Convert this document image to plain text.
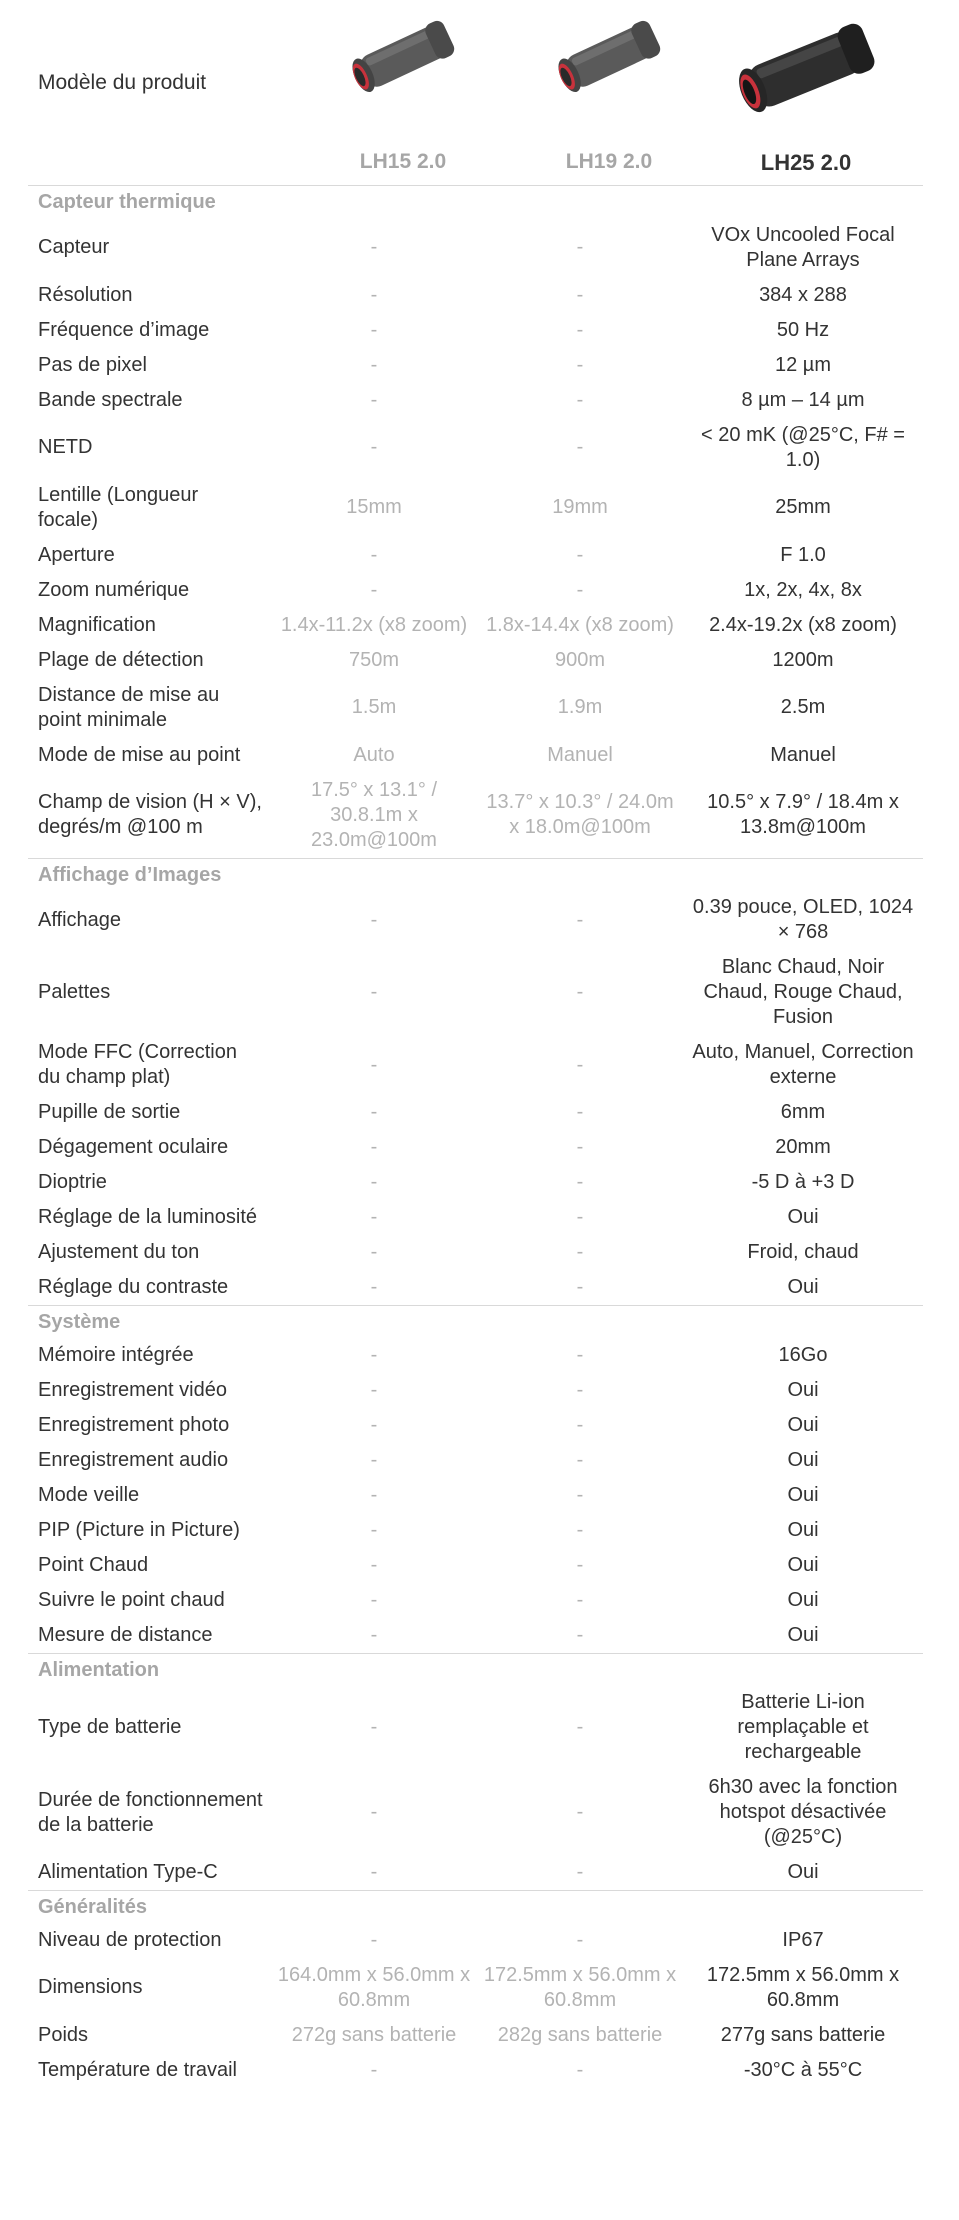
Modèle du produit
LH15 2.0	LH19 2.0	LH25 2.0
Capteur thermique			
Capteur	-	-	VOx Uncooled Focal Plane Arrays
Résolution	-	-	384 x 288
Fréquence d’image	-	-	50 Hz
Pas de pixel	-	-	12 µm
Bande spectrale	-	-	8 µm – 14 µm
NETD	-	-	< 20 mK (@25°C, F# = 1.0)
Lentille (Longueur focale)	15mm	19mm	25mm
Aperture	-	-	F 1.0
Zoom numérique	-	-	1x, 2x, 4x, 8x
Magnification	1.4x-11.2x (x8 zoom)	1.8x-14.4x (x8 zoom)	2.4x-19.2x (x8 zoom)
Plage de détection	750m	900m	1200m
Distance de mise au point minimale	1.5m	1.9m	2.5m
Mode de mise au point	Auto	Manuel	Manuel
Champ de vision (H × V), degrés/m @100 m	17.5° x 13.1° / 30.8.1m x 23.0m@100m	13.7° x 10.3° / 24.0m x 18.0m@100m	10.5° x 7.9° / 18.4m x 13.8m@100m
Affichage d’Images			
Affichage	-	-	0.39 pouce, OLED, 1024 × 768
Palettes	-	-	Blanc Chaud, Noir Chaud, Rouge Chaud, Fusion
Mode FFC (Correction du champ plat)	-	-	Auto, Manuel, Correction externe
Pupille de sortie	-	-	6mm
Dégagement oculaire	-	-	20mm
Dioptrie	-	-	-5 D à +3 D
Réglage de la luminosité	-	-	Oui
Ajustement du ton	-	-	Froid, chaud
Réglage du contraste	-	-	Oui
Système			
Mémoire intégrée	-	-	16Go
Enregistrement vidéo	-	-	Oui
Enregistrement photo	-	-	Oui
Enregistrement audio	-	-	Oui
Mode veille	-	-	Oui
PIP (Picture in Picture)	-	-	Oui
Point Chaud	-	-	Oui
Suivre le point chaud	-	-	Oui
Mesure de distance	-	-	Oui
Alimentation			
Type de batterie	-	-	Batterie Li-ion remplaçable et rechargeable
Durée de fonctionnement de la batterie	-	-	6h30 avec la fonction hotspot désactivée (@25°C)
Alimentation Type-C	-	-	Oui
Généralités			
Niveau de protection	-	-	IP67
Dimensions	164.0mm x 56.0mm x 60.8mm	172.5mm x 56.0mm x 60.8mm	172.5mm x 56.0mm x 60.8mm
Poids	272g sans batterie	282g sans batterie	277g sans batterie
Température de travail	-	-	-30°C à 55°C
